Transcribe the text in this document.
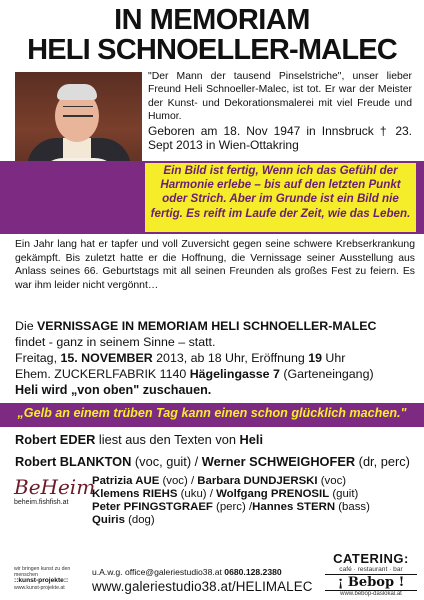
IN MEMORIAM
HELI SCHNOELLER-MALEC
"Der Mann der tausend Pinselstriche", unser lieber Freund Heli Schnoeller-Malec, ist tot. Er war der Meister der Kunst- und Dekorationsmalerei mit viel Freude und Humor.
Geboren am 18. Nov 1947 in Innsbruck † 23. Sept 2013 in Wien-Ottakring
Ein Bild ist fertig, Wenn ich das Gefühl der Harmonie erlebe – bis auf den letzten Punkt oder Strich. Aber im Grunde ist ein Bild nie fertig. Es reift im Laufe der Zeit, wie das Leben.
Ein Jahr lang hat er tapfer und voll Zuversicht gegen seine schwere Krebserkrankung gekämpft. Bis zuletzt hatte er die Hoffnung, die Vernissage seiner Ausstellung aus Anlass seines 66. Geburtstags mit all seinen Freunden als großes Fest zu feiern. Es war ihm leider nicht vergönnt…
Die VERNISSAGE IN MEMORIAM HELI SCHNOELLER-MALEC
findet - ganz in seinem Sinne – statt.
Freitag, 15. NOVEMBER 2013, ab 18 Uhr, Eröffnung 19 Uhr
Ehem. ZUCKERLFABRIK 1140 Hägelingasse 7 (Garteneingang)
Heli wird „von oben" zuschauen.
„Gelb an einem trüben Tag kann einen schon glücklich machen."
Robert EDER liest aus den Texten von Heli
Robert BLANKTON (voc, guit) / Werner SCHWEIGHOFER (dr, perc)
BeHeim
beheim.fishfish.at
Patrizia AUE (voc) / Barbara DUNDJERSKI (voc)
Klemens RIEHS (uku) / Wolfgang PRENOSIL (guit)
Peter PFINGSTGRAEF (perc) /Hannes STERN (bass)
Quiris (dog)
wir bringen kunst zu den menschen
::kunst-projekte::
www.kunst-projekte.at
u.A.w.g. office@galeriestudio38.at 0680.128.2380
www.galeriestudio38.at/HELIMALEC
CATERING:
café · restaurant · bar
¡ Bebop !
www.bebop-daslokal.at
